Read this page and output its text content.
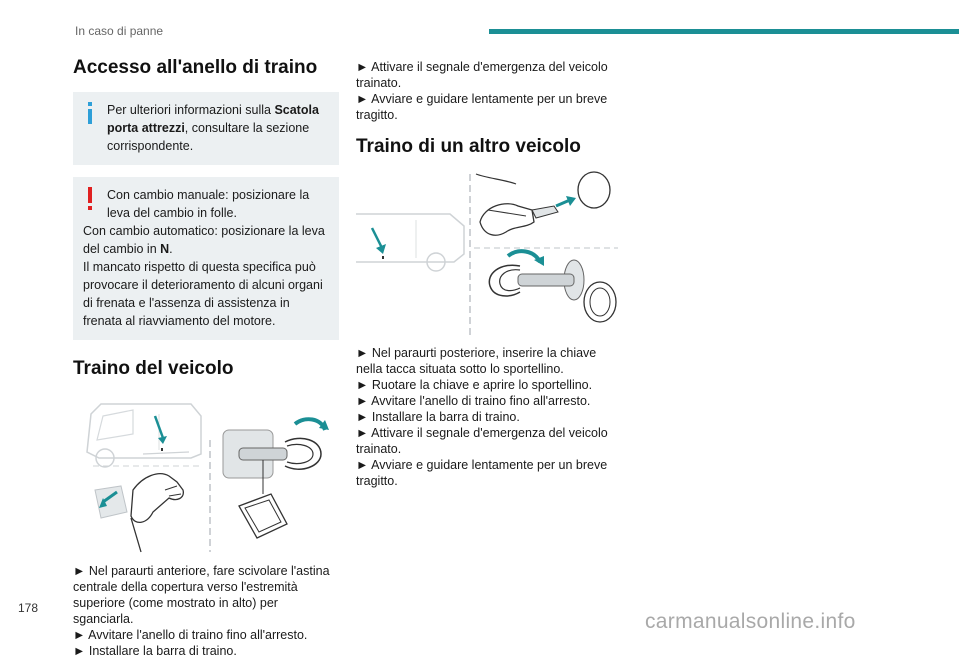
In caso di panne
178
Accesso all'anello di traino
Per ulteriori informazioni sulla Scatola porta attrezzi, consultare la sezione corrispondente.
Con cambio manuale: posizionare la leva del cambio in folle.
Con cambio automatico: posizionare la leva del cambio in N.
Il mancato rispetto di questa specifica può provocare il deterioramento di alcuni organi di frenata e l'assenza di assistenza in frenata al riavviamento del motore.
Traino del veicolo

► Nel paraurti anteriore, fare scivolare l'astina centrale della copertura verso l'estremità superiore (come mostrato in alto) per sganciarla.

► Avvitare l'anello di traino fino all'arresto.

► Installare la barra di traino.

► Attivare il segnale d'emergenza del veicolo trainato.

► Avviare e guidare lentamente per un breve tragitto.

Traino di un altro veicolo

► Nel paraurti posteriore, inserire la chiave nella tacca situata sotto lo sportellino.

► Ruotare la chiave e aprire lo sportellino.

► Avvitare l'anello di traino fino all'arresto.

► Installare la barra di traino.

► Attivare il segnale d'emergenza del veicolo trainato.

► Avviare e guidare lentamente per un breve tragitto.

carmanualsonline.info
